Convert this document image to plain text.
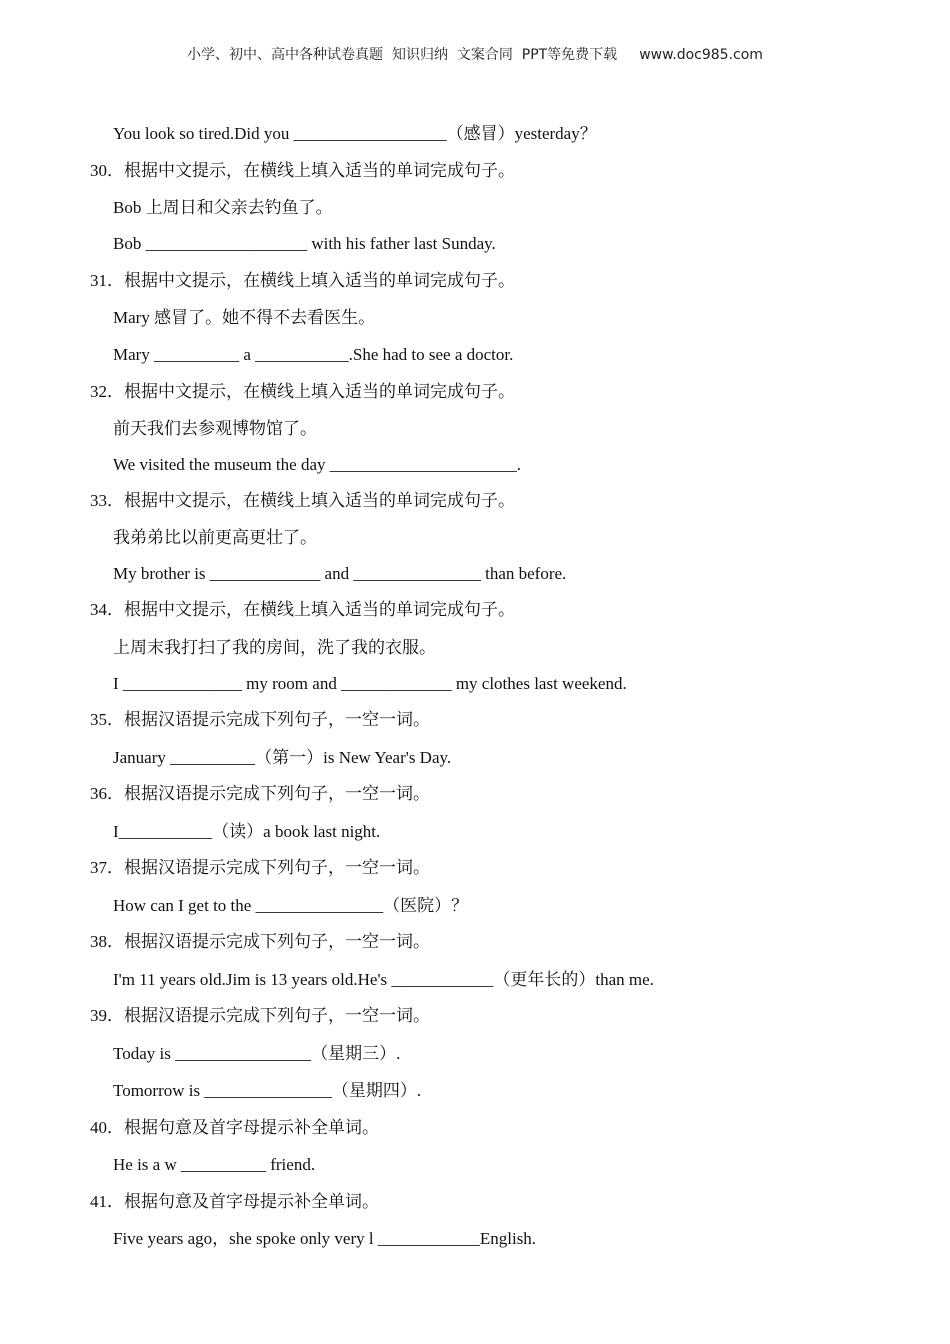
小学、初中、高中各种试卷真题  知识归纳  文案合同  PPT等免费下载 www.doc985.com
You look so tired.Did you __________________（感冒）yesterday？
30．根据中文提示，在横线上填入适当的单词完成句子。
Bob 上周日和父亲去钓鱼了。
Bob ___________________ with his father last Sunday.
31．根据中文提示，在横线上填入适当的单词完成句子。
Mary 感冒了。她不得不去看医生。
Mary __________ a ___________.She had to see a doctor.
32．根据中文提示，在横线上填入适当的单词完成句子。
前天我们去参观博物馆了。
We visited the museum the day ______________________.
33．根据中文提示，在横线上填入适当的单词完成句子。
我弟弟比以前更高更壮了。
My brother is _____________ and _______________ than before.
34．根据中文提示，在横线上填入适当的单词完成句子。
上周末我打扫了我的房间，洗了我的衣服。
I ______________ my room and _____________ my clothes last weekend.
35．根据汉语提示完成下列句子，一空一词。
January __________（第一）is New Year's Day.
36．根据汉语提示完成下列句子，一空一词。
I___________（读）a book last night.
37．根据汉语提示完成下列句子，一空一词。
How can I get to the _______________（医院）？
38．根据汉语提示完成下列句子，一空一词。
I'm 11 years old.Jim is 13 years old.He's ____________（更年长的）than me.
39．根据汉语提示完成下列句子，一空一词。
Today is ________________（星期三）.
Tomorrow is _______________（星期四）.
40．根据句意及首字母提示补全单词。
He is a w __________ friend.
41．根据句意及首字母提示补全单词。
Five years ago，she spoke only very l ____________English.
